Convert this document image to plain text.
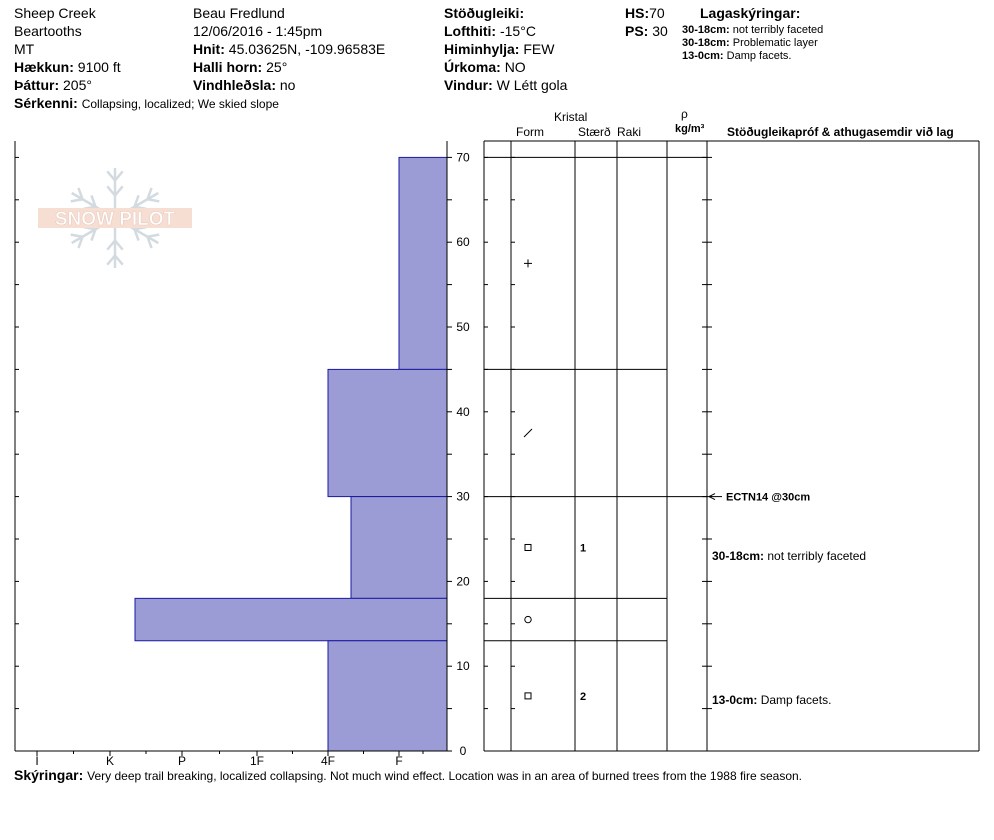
Sheep Creek
Beartooths
MT
Hækkun: 9100 ft
Þáttur: 205°
Sérkenni: Collapsing, localized; We skied slope
Beau Fredlund
12/06/2016 - 1:45pm
Hnit: 45.03625N, -109.96583E
Halli horn: 25°
Vindhleðsla: no
Stöðugleiki:
Lofthiti: -15°C
Himinhylja: FEW
Úrkoma: NO
Vindur: W Létt gola
HS:70
PS: 30
Lagaskýringar:
30-18cm: not terribly faceted
30-18cm: Problematic layer
13-0cm: Damp facets.
Kristal
Form	Stærð Raki
ρ
kg/m³ Stöðugleikapróf & athugasemdir við lag
SNOW PILOT
0
10
20
30
40
50
60
70
I	K	P	1F	4F	F
1
2
ECTN14 @30cm
30-18cm: not terribly faceted
13-0cm: Damp facets.
Skýringar: Very deep trail breaking, localized collapsing. Not much wind effect. Location was in an area of burned trees from the 1988 fire season.
